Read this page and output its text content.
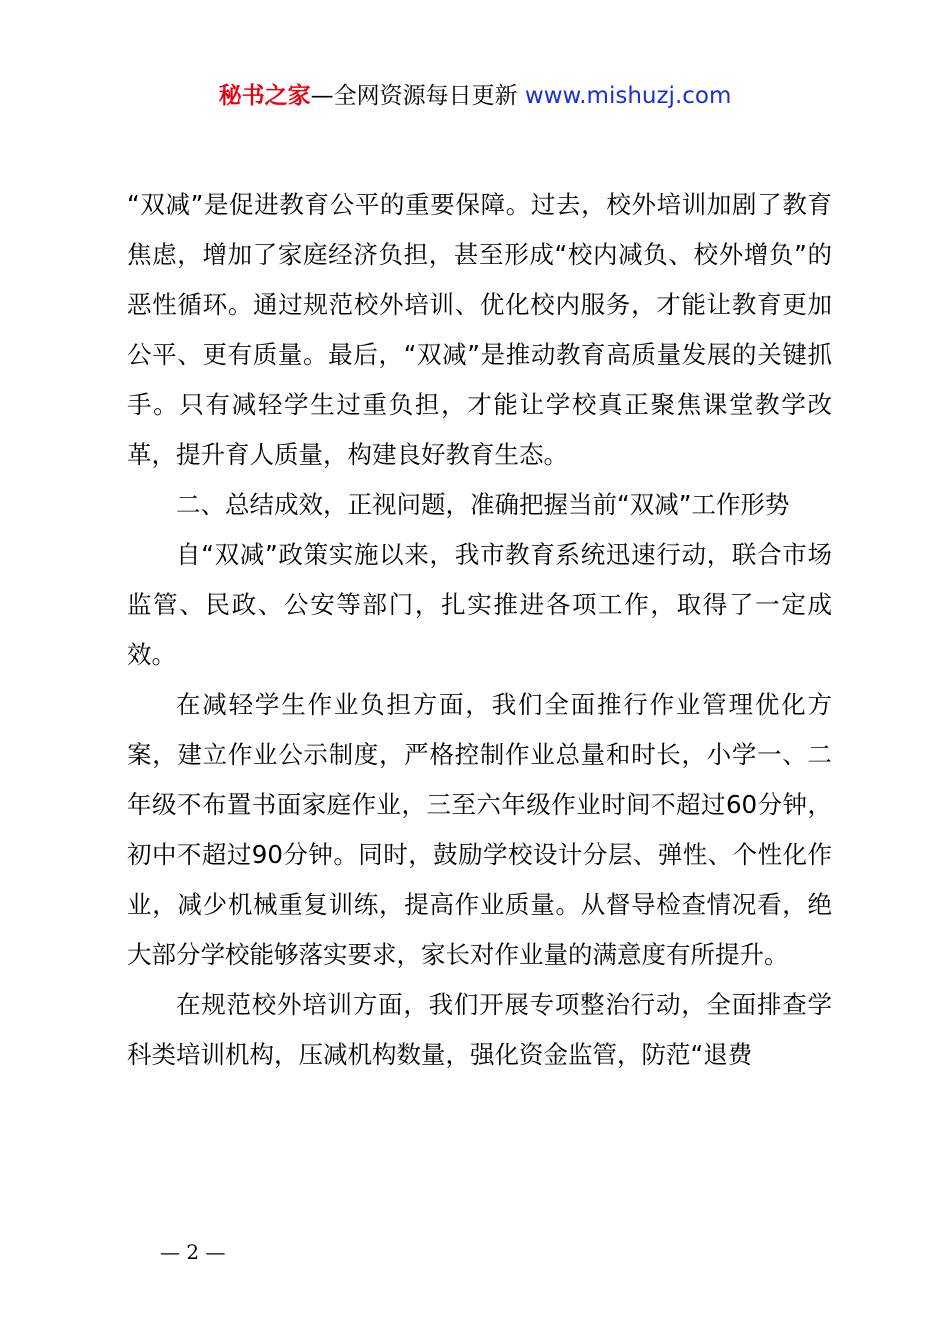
秘书之家—全网资源每日更新 www.mishuzj.com

“双减”是促进教育公平的重要保障。过去，校外培训加剧了教育焦虑，增加了家庭经济负担，甚至形成“校内减负、校外增负”的恶性循环。通过规范校外培训、优化校内服务，才能让教育更加公平、更有质量。最后，“双减”是推动教育高质量发展的关键抓手。只有减轻学生过重负担，才能让学校真正聚焦课堂教学改革，提升育人质量，构建良好教育生态。

二、总结成效，正视问题，准确把握当前“双减”工作形势

自“双减”政策实施以来，我市教育系统迅速行动，联合市场监管、民政、公安等部门，扎实推进各项工作，取得了一定成效。

在减轻学生作业负担方面，我们全面推行作业管理优化方案，建立作业公示制度，严格控制作业总量和时长，小学一、二年级不布置书面家庭作业，三至六年级作业时间不超过60分钟，初中不超过90分钟。同时，鼓励学校设计分层、弹性、个性化作业，减少机械重复训练，提高作业质量。从督导检查情况看，绝大部分学校能够落实要求，家长对作业量的满意度有所提升。

在规范校外培训方面，我们开展专项整治行动，全面排查学科类培训机构，压减机构数量，强化资金监管，防范“退费

— 2 —
